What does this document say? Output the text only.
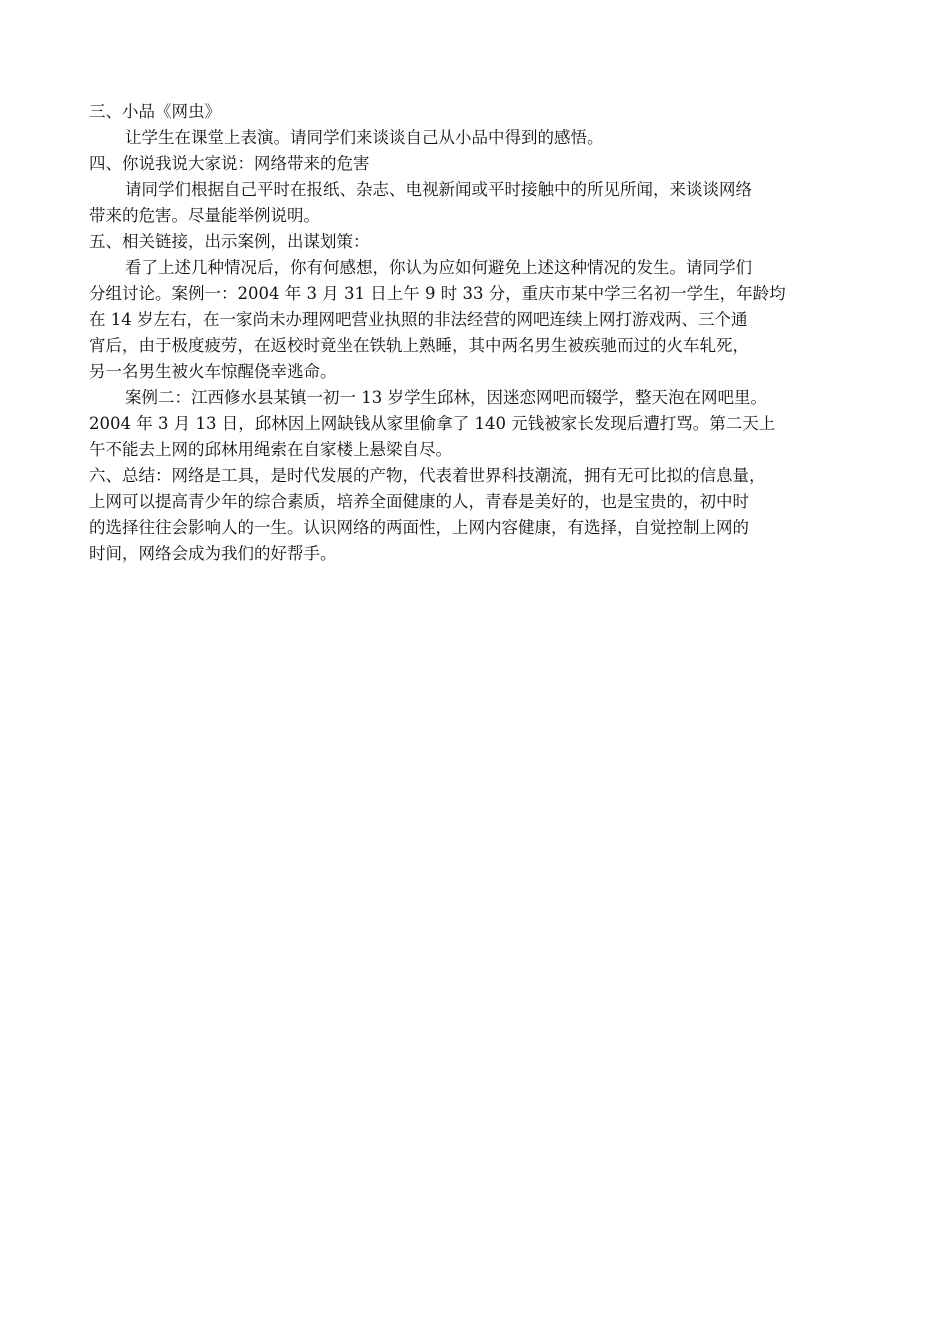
三、小品《网虫》

让学生在课堂上表演。请同学们来谈谈自己从小品中得到的感悟。

四、你说我说大家说：网络带来的危害

请同学们根据自己平时在报纸、杂志、电视新闻或平时接触中的所见所闻，来谈谈网络

带来的危害。尽量能举例说明。

五、相关链接，出示案例，出谋划策：

看了上述几种情况后，你有何感想，你认为应如何避免上述这种情况的发生。请同学们

分组讨论。案例一：2004 年 3 月 31 日上午 9 时 33 分，重庆市某中学三名初一学生，年龄均

在 14 岁左右，在一家尚未办理网吧营业执照的非法经营的网吧连续上网打游戏两、三个通

宵后，由于极度疲劳，在返校时竟坐在铁轨上熟睡，其中两名男生被疾驰而过的火车轧死，

另一名男生被火车惊醒侥幸逃命。

案例二：江西修水县某镇一初一 13 岁学生邱林，因迷恋网吧而辍学，整天泡在网吧里。

2004 年 3 月 13 日，邱林因上网缺钱从家里偷拿了 140 元钱被家长发现后遭打骂。第二天上

午不能去上网的邱林用绳索在自家楼上悬梁自尽。

六、总结：网络是工具，是时代发展的产物，代表着世界科技潮流，拥有无可比拟的信息量，

上网可以提高青少年的综合素质，培养全面健康的人，青春是美好的，也是宝贵的，初中时

的选择往往会影响人的一生。认识网络的两面性，上网内容健康，有选择，自觉控制上网的

时间，网络会成为我们的好帮手。
